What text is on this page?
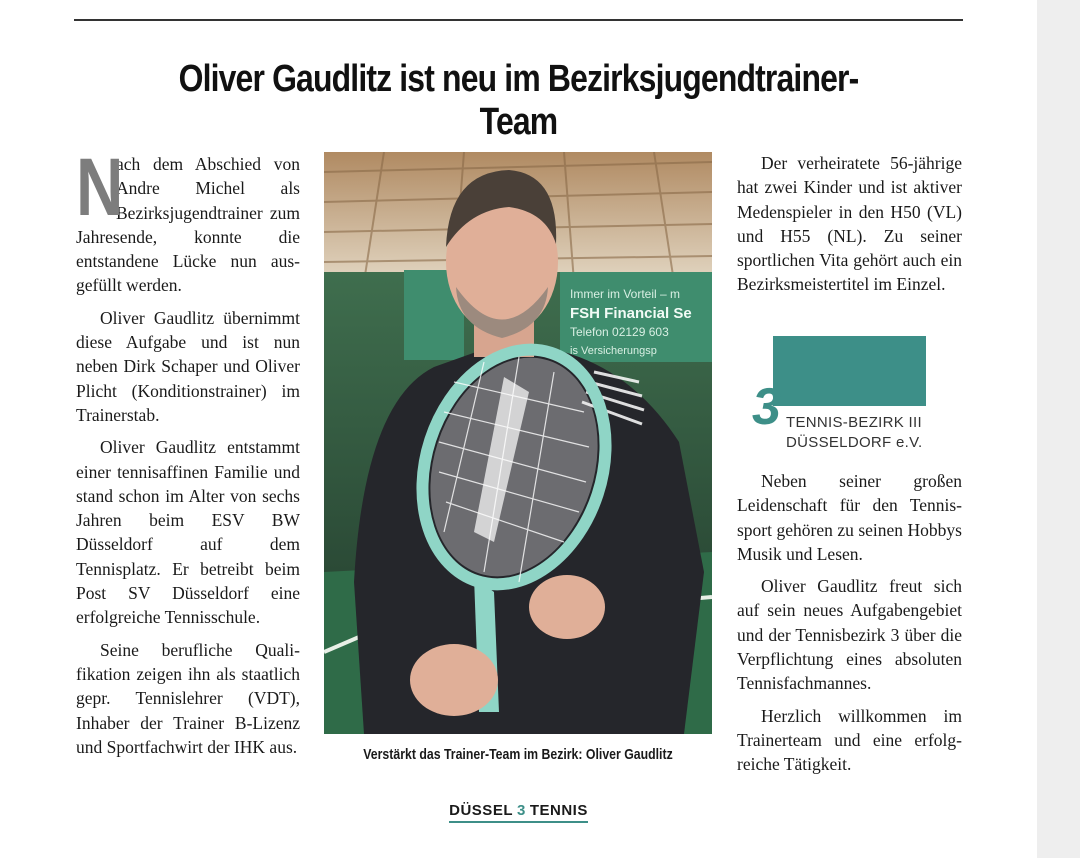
Oliver Gaudlitz ist neu im Bezirksjugendtrainer-Team

N
ach dem Abschied von Andre Michel als Bezirksjugendtrainer zum Jahresende, konnte die entstandene Lücke nun ausgefüllt werden.

Oliver Gaudlitz übernimmt diese Aufgabe und ist nun neben Dirk Schaper und Oliver Plicht (Konditionstrainer) im Trainerstab.

Oliver Gaudlitz entstammt einer tennisaffinen Familie und stand schon im Alter von sechs Jahren beim ESV BW Düsseldorf auf dem Tennisplatz. Er betreibt beim Post SV Düsseldorf eine erfolgreiche Tennisschule.

Seine berufliche Qualifikation zeigen ihn als staatlich gepr. Tennislehrer (VDT), Inhaber der Trainer B-Lizenz und Sportfachwirt der IHK aus.

Immer im Vorteil – m
FSH Financial Se
Telefon 02129 603
is Versicherungsp

Verstärkt das Trainer-Team im Bezirk: Oliver Gaudlitz

Der verheiratete 56-jährige hat zwei Kinder und ist aktiver Medenspieler in den H50 (VL) und H55 (NL). Zu seiner sportlichen Vita gehört auch ein Bezirksmeistertitel im Einzel.

3 TENNIS-BEZIRK III
DÜSSELDORF e.V.

Neben seiner großen Leidenschaft für den Tennissport gehören zu seinen Hobbys Musik und Lesen.

Oliver Gaudlitz freut sich auf sein neues Aufgabengebiet und der Tennisbezirk 3 über die Verpflichtung eines absoluten Tennisfachmannes.

Herzlich willkommen im Trainerteam und eine erfolgreiche Tätigkeit.

DÜSSEL 3 TENNIS
